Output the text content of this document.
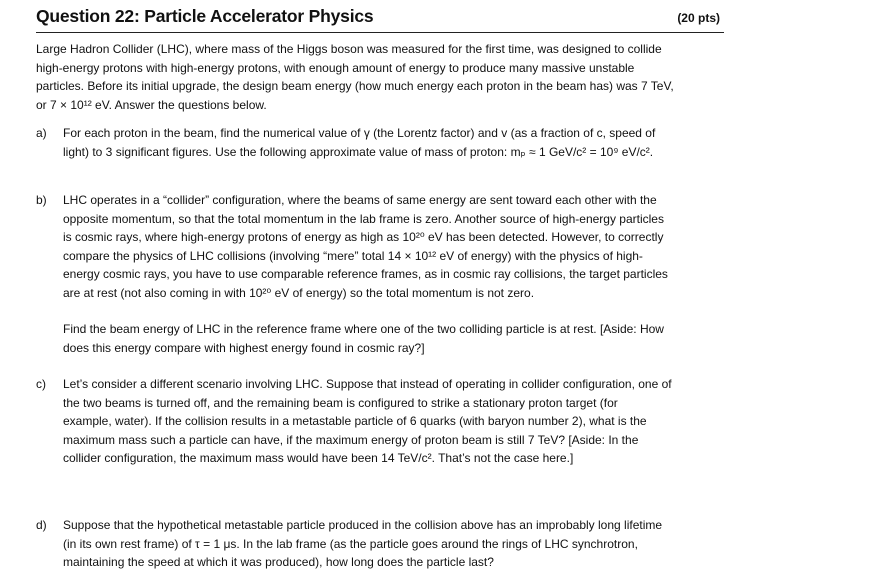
Question 22: Particle Accelerator Physics	(20 pts)
Large Hadron Collider (LHC), where mass of the Higgs boson was measured for the first time, was designed to collide
high-energy protons with high-energy protons, with enough amount of energy to produce many massive unstable
particles. Before its initial upgrade, the design beam energy (how much energy each proton in the beam has) was 7 TeV,
or 7 × 10¹² eV. Answer the questions below.
a) For each proton in the beam, find the numerical value of γ (the Lorentz factor) and v (as a fraction of c, speed of
light) to 3 significant figures. Use the following approximate value of mass of proton: mₚ ≈ 1 GeV/c² = 10⁹ eV/c².
b) LHC operates in a “collider” configuration, where the beams of same energy are sent toward each other with the
opposite momentum, so that the total momentum in the lab frame is zero. Another source of high-energy particles
is cosmic rays, where high-energy protons of energy as high as 10²⁰ eV has been detected. However, to correctly
compare the physics of LHC collisions (involving “mere” total 14 × 10¹² eV of energy) with the physics of high-
energy cosmic rays, you have to use comparable reference frames, as in cosmic ray collisions, the target particles
are at rest (not also coming in with 10²⁰ eV of energy) so the total momentum is not zero.
Find the beam energy of LHC in the reference frame where one of the two colliding particle is at rest. [Aside: How
does this energy compare with highest energy found in cosmic ray?]
c) Let’s consider a different scenario involving LHC. Suppose that instead of operating in collider configuration, one of
the two beams is turned off, and the remaining beam is configured to strike a stationary proton target (for
example, water). If the collision results in a metastable particle of 6 quarks (with baryon number 2), what is the
maximum mass such a particle can have, if the maximum energy of proton beam is still 7 TeV? [Aside: In the
collider configuration, the maximum mass would have been 14 TeV/c². That’s not the case here.]
d) Suppose that the hypothetical metastable particle produced in the collision above has an improbably long lifetime
(in its own rest frame) of τ = 1 μs. In the lab frame (as the particle goes around the rings of LHC synchrotron,
maintaining the speed at which it was produced), how long does the particle last?
